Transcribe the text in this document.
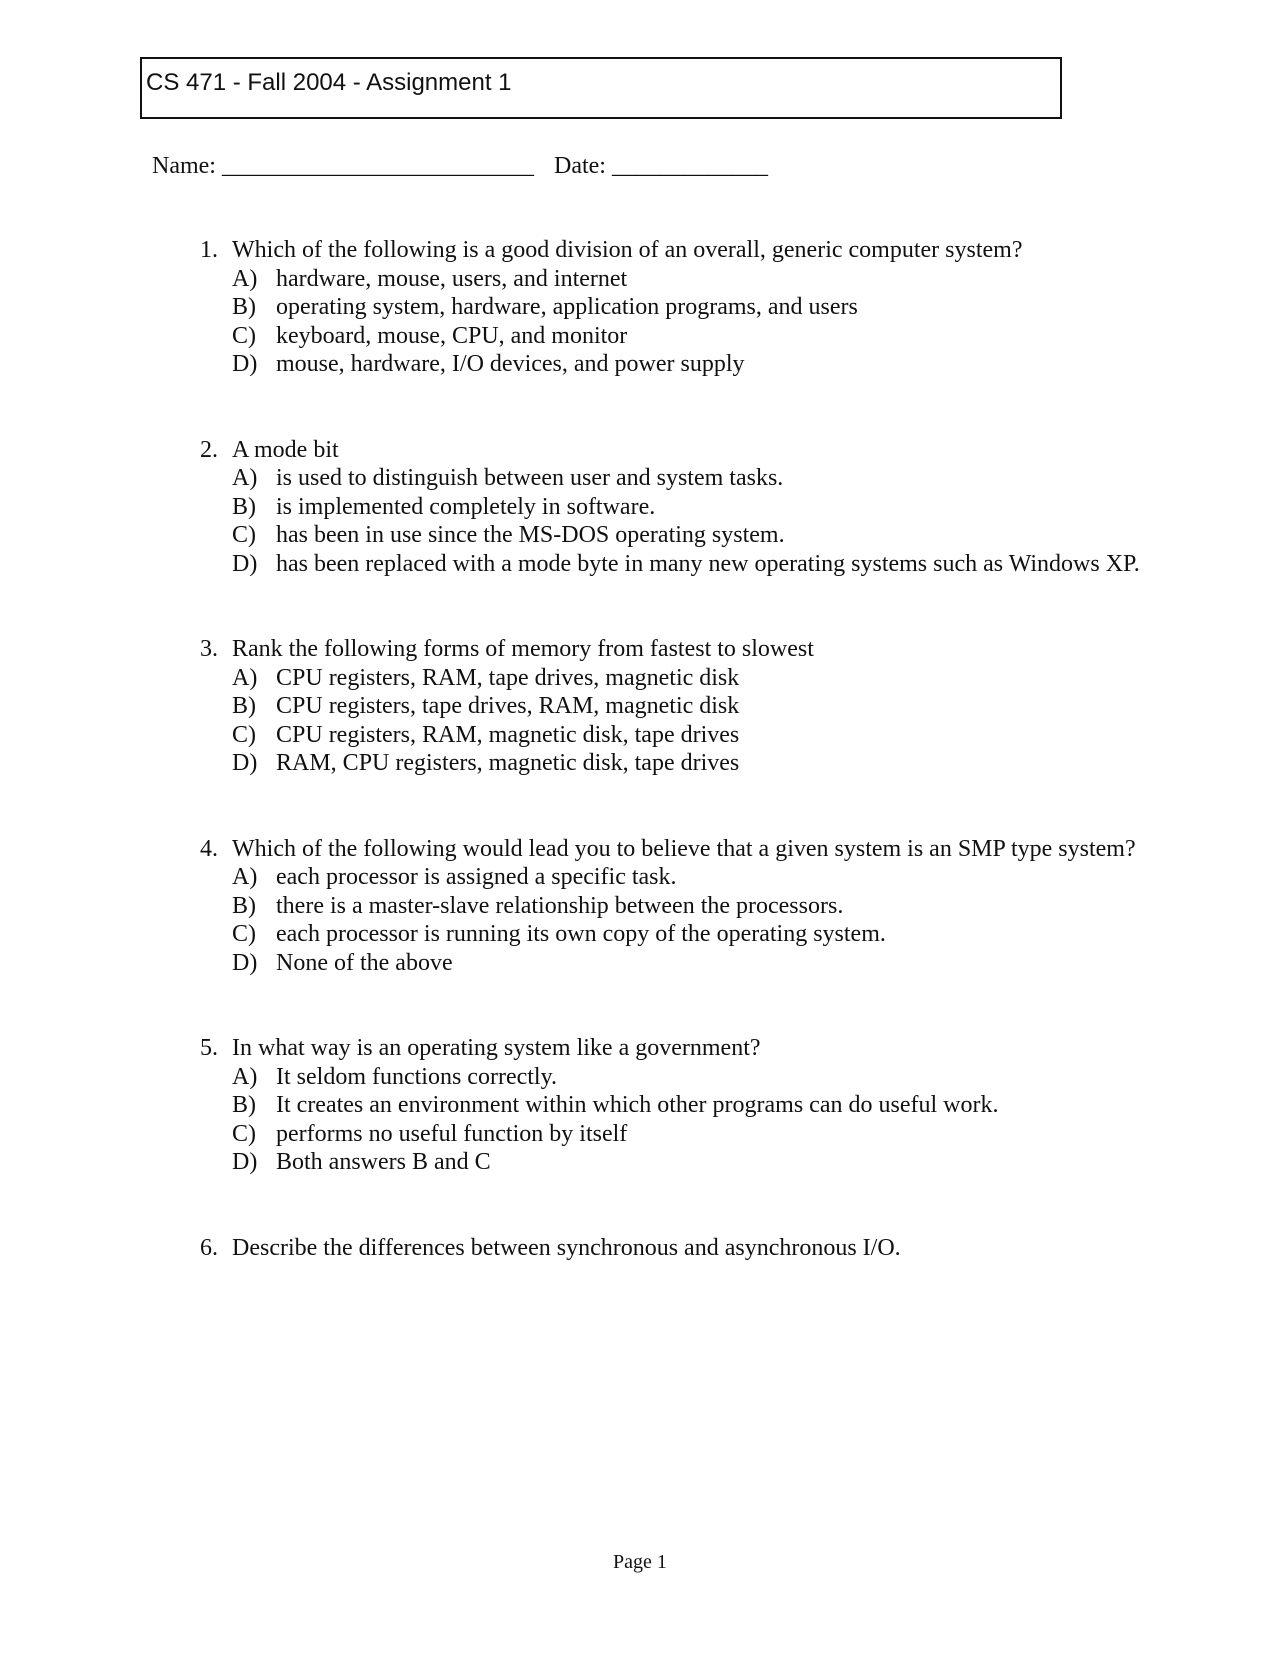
CS 471 - Fall 2004 - Assignment 1
Name: __________________________ Date: _____________
1. Which of the following is a good division of an overall, generic computer system?
A) hardware, mouse, users, and internet
B) operating system, hardware, application programs, and users
C) keyboard, mouse, CPU, and monitor
D) mouse, hardware, I/O devices, and power supply
2. A mode bit
A) is used to distinguish between user and system tasks.
B) is implemented completely in software.
C) has been in use since the MS-DOS operating system.
D) has been replaced with a mode byte in many new operating systems such as Windows XP.
3. Rank the following forms of memory from fastest to slowest
A) CPU registers, RAM, tape drives, magnetic disk
B) CPU registers, tape drives, RAM, magnetic disk
C) CPU registers, RAM, magnetic disk, tape drives
D) RAM, CPU registers, magnetic disk, tape drives
4. Which of the following would lead you to believe that a given system is an SMP type system?
A) each processor is assigned a specific task.
B) there is a master-slave relationship between the processors.
C) each processor is running its own copy of the operating system.
D) None of the above
5. In what way is an operating system like a government?
A) It seldom functions correctly.
B) It creates an environment within which other programs can do useful work.
C) performs no useful function by itself
D) Both answers B and C
6. Describe the differences between synchronous and asynchronous I/O.
Page 1
